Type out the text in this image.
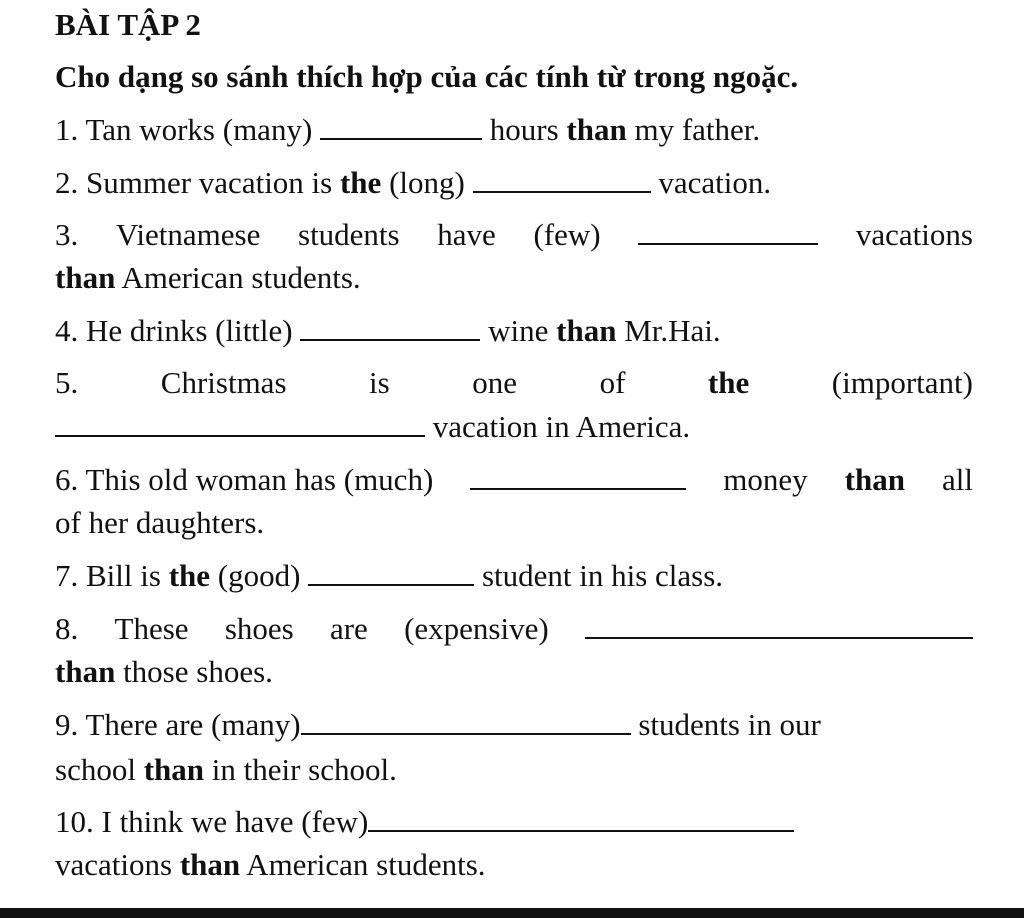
BÀI TẬP 2
Cho dạng so sánh thích hợp của các tính từ trong ngoặc.
1. Tan works (many)	hours than my father.
2. Summer vacation is the (long)	vacation.
3. Vietnamese students have (few)	vacations
than American students.
4. He drinks (little)	wine than Mr.Hai.
5.	Christmas	is	one	of	the	(important)
vacation in America.
6. This old woman has (much)	money than all
of her daughters.
7. Bill is the (good)	student in his class.
8. These shoes are (expensive)
than those shoes.
9. There are (many)	students in our
school than in their school.
10. I think we have (few)
vacations than American students.
